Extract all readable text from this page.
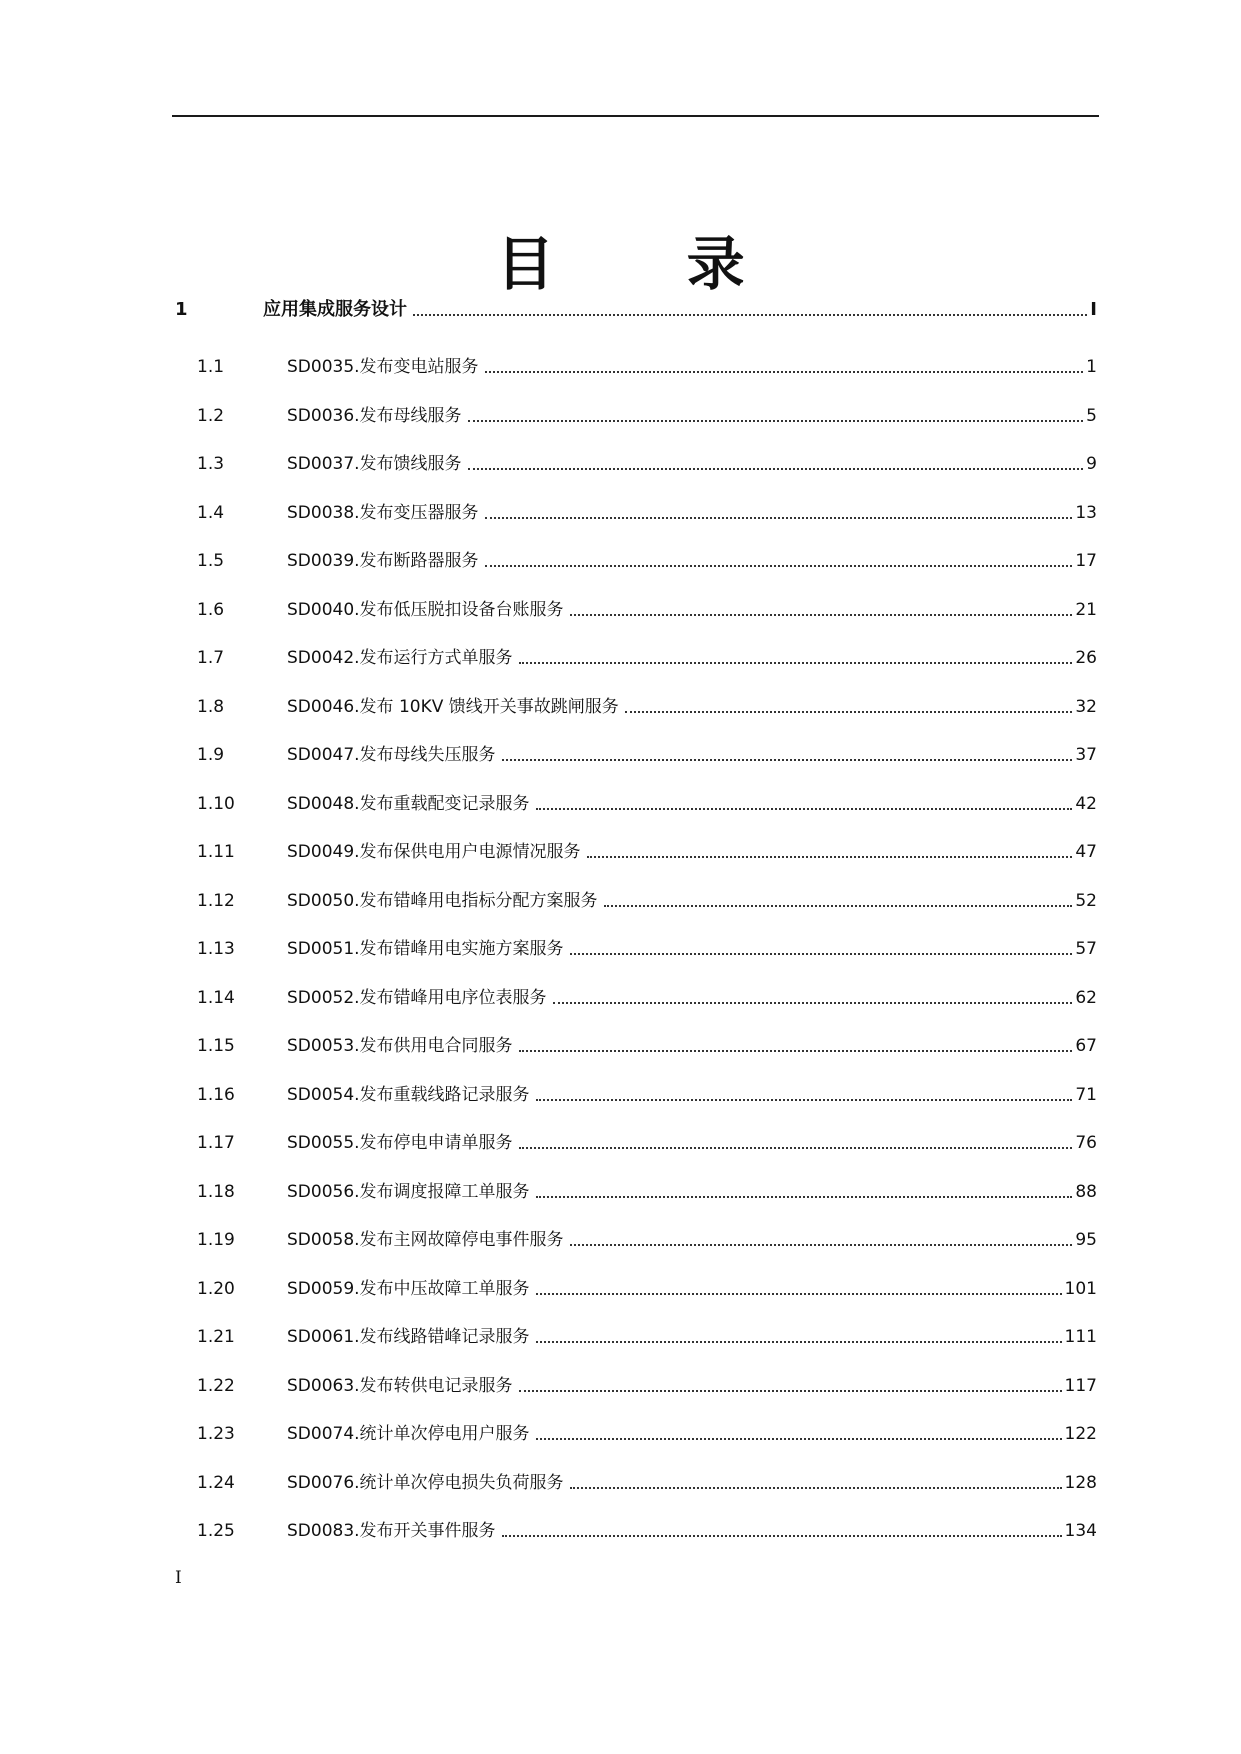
目 录
1	应用集成服务设计	I
1.1	SD0035.发布变电站服务	1
1.2	SD0036.发布母线服务	5
1.3	SD0037.发布馈线服务	9
1.4	SD0038.发布变压器服务	13
1.5	SD0039.发布断路器服务	17
1.6	SD0040.发布低压脱扣设备台账服务	21
1.7	SD0042.发布运行方式单服务	26
1.8	SD0046.发布 10KV 馈线开关事故跳闸服务	32
1.9	SD0047.发布母线失压服务	37
1.10	SD0048.发布重载配变记录服务	42
1.11	SD0049.发布保供电用户电源情况服务	47
1.12	SD0050.发布错峰用电指标分配方案服务	52
1.13	SD0051.发布错峰用电实施方案服务	57
1.14	SD0052.发布错峰用电序位表服务	62
1.15	SD0053.发布供用电合同服务	67
1.16	SD0054.发布重载线路记录服务	71
1.17	SD0055.发布停电申请单服务	76
1.18	SD0056.发布调度报障工单服务	88
1.19	SD0058.发布主网故障停电事件服务	95
1.20	SD0059.发布中压故障工单服务	101
1.21	SD0061.发布线路错峰记录服务	111
1.22	SD0063.发布转供电记录服务	117
1.23	SD0074.统计单次停电用户服务	122
1.24	SD0076.统计单次停电损失负荷服务	128
1.25	SD0083.发布开关事件服务	134
I
